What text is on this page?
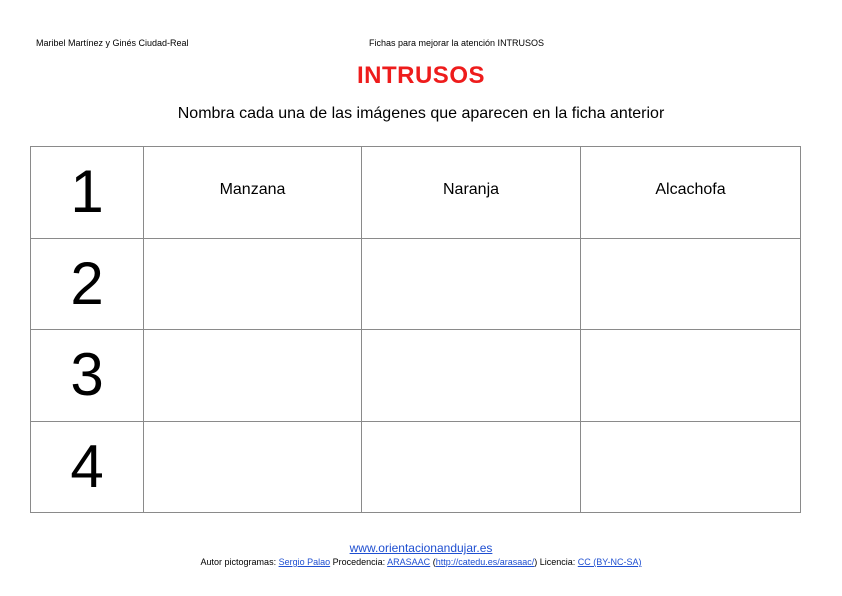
Maribel Martínez y Ginés Ciudad-Real	Fichas para mejorar la atención INTRUSOS
INTRUSOS
Nombra cada una de las imágenes que aparecen en la ficha anterior
1	Manzana	Naranja	Alcachofa

2	

3	

4	

www.orientacionandujar.es
Autor pictogramas: Sergio Palao Procedencia: ARASAAC (http://catedu.es/arasaac/) Licencia: CC (BY-NC-SA)
